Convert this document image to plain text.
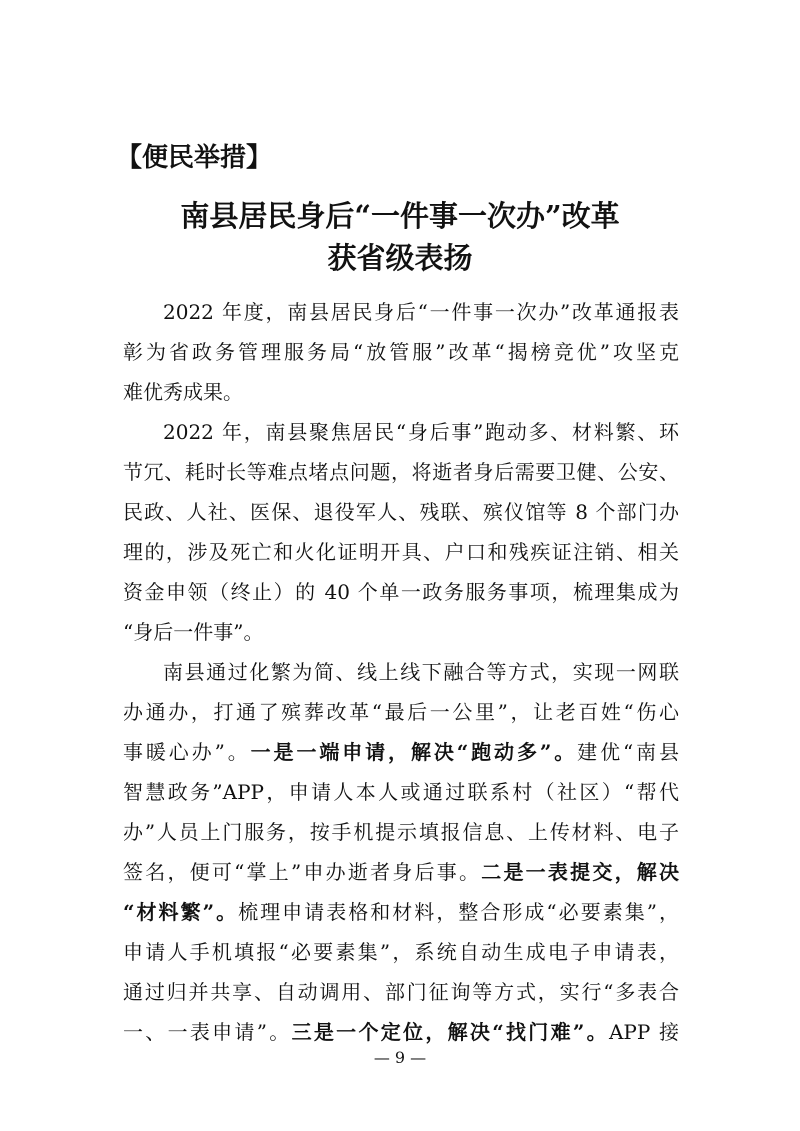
【便民举措】
南县居民身后“一件事一次办”改革
获省级表扬
2022 年度，南县居民身后“一件事一次办”改革通报表
彰为省政务管理服务局“放管服”改革“揭榜竞优”攻坚克
难优秀成果。
2022 年，南县聚焦居民“身后事”跑动多、材料繁、环
节冗、耗时长等难点堵点问题，将逝者身后需要卫健、公安、
民政、人社、医保、退役军人、残联、殡仪馆等 8 个部门办
理的，涉及死亡和火化证明开具、户口和残疾证注销、相关
资金申领（终止）的 40 个单一政务服务事项，梳理集成为
“身后一件事”。
南县通过化繁为简、线上线下融合等方式，实现一网联
办通办，打通了殡葬改革“最后一公里”，让老百姓“伤心
事暖心办”。一是一端申请，解决“跑动多”。建优“南县
智慧政务”APP，申请人本人或通过联系村（社区）“帮代
办”人员上门服务，按手机提示填报信息、上传材料、电子
签名，便可“掌上”申办逝者身后事。二是一表提交，解决
“材料繁”。梳理申请表格和材料，整合形成“必要素集”，
申请人手机填报“必要素集”，系统自动生成电子申请表，
通过归并共享、自动调用、部门征询等方式，实行“多表合
一、一表申请”。三是一个定位，解决“找门难”。APP 接
— 9 —
